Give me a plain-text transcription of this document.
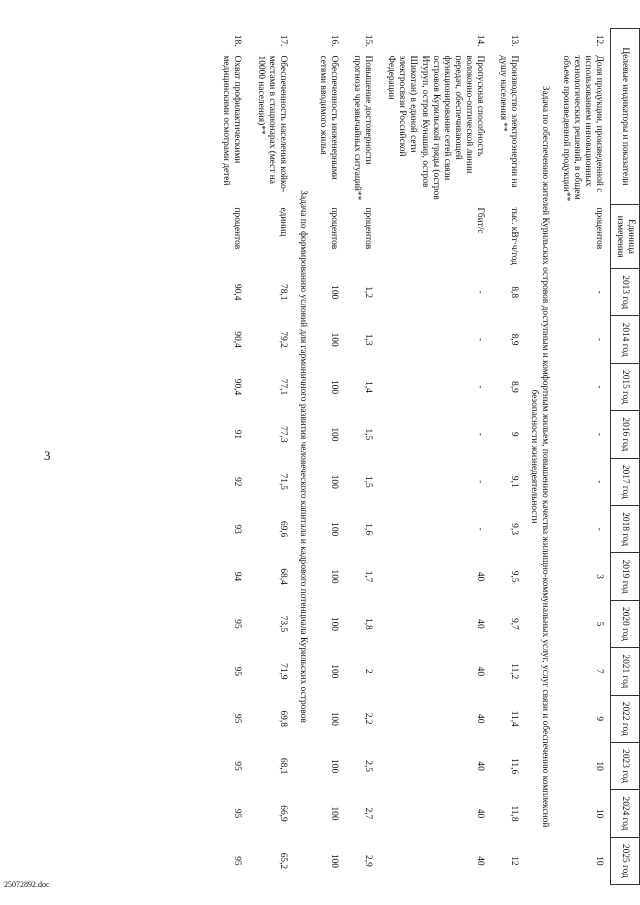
3
25072892.doc
Целевые индикаторы и показатели		Единица измерения	2013 год	2014 год	2015 год	2016 год	2017 год	2018 год	2019 год	2020 год	2021 год	2022 год	2023 год	2024 год	2025 год
12.	Доля продукции, произведенной с использованием инновационных технологических решений, в общем объеме произведенной продукции**	процентов	-	-	-	-	-	-	3	5	7	9	10	10	10
Задача по обеспечению жителей Курильских островов доступным и комфортным жильем, повышению качества жилищно-коммунальных услуг, услуг связи и обеспечению комплексной безопасности жизнедеятельности															
13.	Производство электроэнергии на душу населения **	тыс. кВт·ч/год	8,8	8,9	8,9	9	9,1	9,3	9,5	9,7	11,2	11,4	11,6	11,8	12
14.	Пропускная способность волоконно-оптической линии передач, обеспечивающей функционирование сетей связи островов Курильской гряды (остров Итуруп, остров Кунашир, остров Шикотан) в единой сети электросвязи Российской Федерации	Гбит/с	-	-	-	-	-	-	40	40	40	40	40	40	40
15.	Повышение достоверности прогноза чрезвычайных ситуаций**	процентов	1,2	1,3	1,4	1,5	1,5	1,6	1,7	1,8	2	2,2	2,5	2,7	2,9
16.	Обеспеченность инженерными сетями вводимого жилья	процентов	100	100	100	100	100	100	100	100	100	100	100	100	100
Задача по формированию условий для гармоничного развития человеческого капитала и кадрового потенциала Курильских островов															
17.	Обеспеченность населения койко-местами в стационарах (мест на 10000 населения)**	единиц	78,1	79,2	77,1	77,3	71,5	69,6	68,4	73,5	71,9	69,8	68,1	66,9	65,2
18.	Охват профилактическими медицинскими осмотрами детей	процентов	90,4	90,4	90,4	91	92	93	94	95	95	95	95	95	95
